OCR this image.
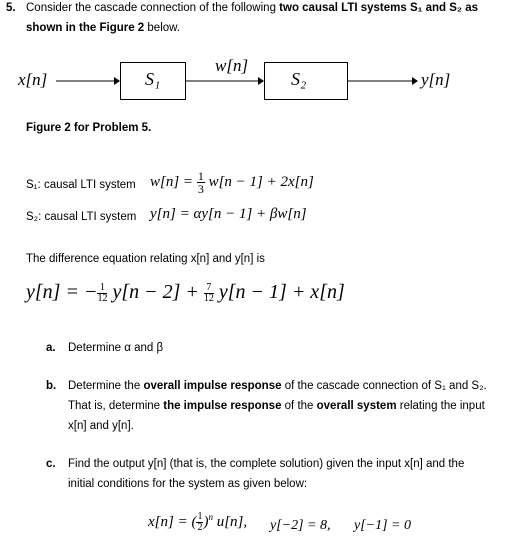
5. Consider the cascade connection of the following two causal LTI systems S₁ and S₂ as
shown in the Figure 2 below.
x[n]	S₁
w[n]
S₂	y[n]
Figure 2 for Problem 5.
S₁: causal LTI system $w[n] = \frac{1}{3} w[n - 1] + 2x[n]$
S₂: causal LTI system y[n] = αy[n − 1] + βw[n]
The difference equation relating x[n] and y[n] is
y[n] = − $\frac{1}{12} y[n - 2] + \frac{7}{12} y[n - 1] + x[n]$
a. Determine α and β
b. Determine the overall impulse response of the cascade connection of S₁ and S₂.
That is, determine the impulse response of the overall system relating the input
x[n] and y[n].
c. Find the output y[n] (that is, the complete solution) given the input x[n] and the
initial conditions for the system as given below:
x[n] = ( $\frac{1}{2} )^n$ u[n], y[−2] = 8, y[−1] = 0
